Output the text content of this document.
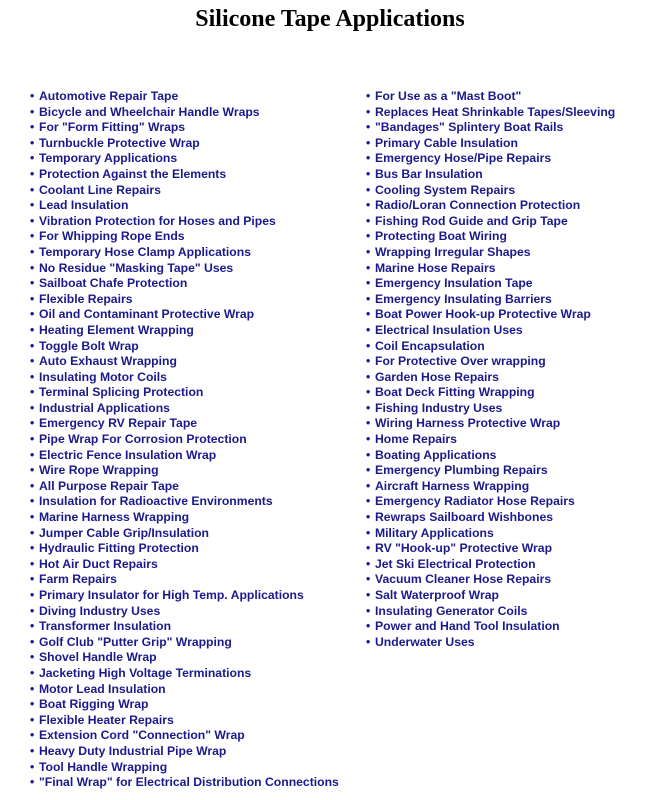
Silicone Tape Applications
• Automotive Repair Tape
• Bicycle and Wheelchair Handle Wraps
• For "Form Fitting" Wraps
• Turnbuckle Protective Wrap
• Temporary Applications
• Protection Against the Elements
• Coolant Line Repairs
• Lead Insulation
• Vibration Protection for Hoses and Pipes
• For Whipping Rope Ends
• Temporary Hose Clamp Applications
• No Residue "Masking Tape" Uses
• Sailboat Chafe Protection
• Flexible Repairs
• Oil and Contaminant Protective Wrap
• Heating Element Wrapping
• Toggle Bolt Wrap
• Auto Exhaust Wrapping
• Insulating Motor Coils
• Terminal Splicing Protection
• Industrial Applications
• Emergency RV Repair Tape
• Pipe Wrap For Corrosion Protection
• Electric Fence Insulation Wrap
• Wire Rope Wrapping
• All Purpose Repair Tape
• Insulation for Radioactive Environments
• Marine Harness Wrapping
• Jumper Cable Grip/Insulation
• Hydraulic Fitting Protection
• Hot Air Duct Repairs
• Farm Repairs
• Primary Insulator for High Temp. Applications
• Diving Industry Uses
• Transformer Insulation
• Golf Club "Putter Grip" Wrapping
• Shovel Handle Wrap
• Jacketing High Voltage Terminations
• Motor Lead Insulation
• Boat Rigging Wrap
• Flexible Heater Repairs
• Extension Cord "Connection" Wrap
• Heavy Duty Industrial Pipe Wrap
• Tool Handle Wrapping
• "Final Wrap" for Electrical Distribution Connections
• For Use as a "Mast Boot"
• Replaces Heat Shrinkable Tapes/Sleeving
• "Bandages" Splintery Boat Rails
• Primary Cable Insulation
• Emergency Hose/Pipe Repairs
• Bus Bar Insulation
• Cooling System Repairs
• Radio/Loran Connection Protection
• Fishing Rod Guide and Grip Tape
• Protecting Boat Wiring
• Wrapping Irregular Shapes
• Marine Hose Repairs
• Emergency Insulation Tape
• Emergency Insulating Barriers
• Boat Power Hook-up Protective Wrap
• Electrical Insulation Uses
• Coil Encapsulation
• For Protective Over wrapping
• Garden Hose Repairs
• Boat Deck Fitting Wrapping
• Fishing Industry Uses
• Wiring Harness Protective Wrap
• Home Repairs
• Boating Applications
• Emergency Plumbing Repairs
• Aircraft Harness Wrapping
• Emergency Radiator Hose Repairs
• Rewraps Sailboard Wishbones
• Military Applications
• RV "Hook-up" Protective Wrap
• Jet Ski Electrical Protection
• Vacuum Cleaner Hose Repairs
• Salt Waterproof Wrap
• Insulating Generator Coils
• Power and Hand Tool Insulation
• Underwater Uses
